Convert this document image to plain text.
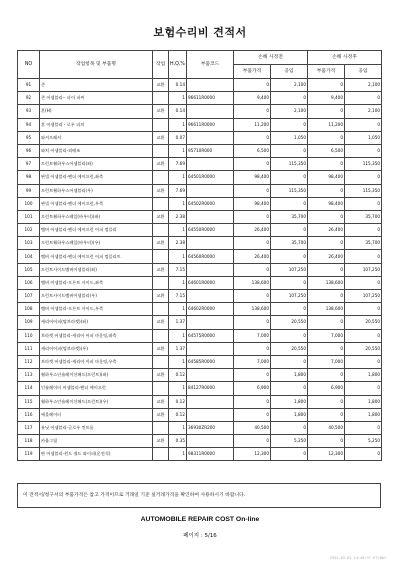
보험수리비 견적서
NO	작업항목 및 부품명	작업	H,Q,%	부품코드	손해 사정전		손해 사정후	
					부품가격	공임	부품가격	공임
91	존	교환	0.14		0	2,100	0	2,100
92	존 어셈블리-- 파이 퍼씨		1	96611R0000	9,400	0	9,400	0
93	혼(H)	교환	0.14		0	2,100	0	2,100
94	혼 어셈블리 - 로우 피치		1	96611R0000	11,200	0	11,200	0
95	와셔프레셔	교환	0.07		0	1,050	0	1,050
96	와처 어셈블리-외배조		1	95710R000	6,500	0	6,500	0
97	프런트휠하우스어셈블리(좌)	교환	7.69		0	115,350	0	115,350
98	판넬 어셈블리-펜더 에이프런,좌측		1	64501R0000	98,400	0	98,400	0
99	프런트휠하우스어셈블리(우)	교환	7.69		0	115,350	0	115,350
100	판넬 어셈블리-펜더 에이프런,우측		1	64502R0000	98,400	0	98,400	0
101	프런트휠하우스레일(바우터)(좌)	교환	2.38		0	35,700	0	35,700
102	멤버 어셈블리-펜더 에이프런 어퍼 컴플리		1	64550R0000	26,400	0	26,400	0
103	프런트휠하우스레일(바우터)(우)	교환	2.38		0	35,700	0	35,700
104	멤버 어셈블리-펜더 에이프런 어퍼 컴플리트		1	64560R0000	26,400	0	26,400	0
105	프런트사이드멤버어셈블리(좌)	교환	7.15		0	107,250	0	107,250
106	멤버 어셈블리-프론트 사이드,좌측		1	64601R0000	138,600	0	138,600	0
107	프런트사이드멤버어셈블리(우)	교환	7.15		0	107,250	0	107,250
108	멤버 어셈블리-프론트 사이드,우측		1	64602R0000	138,600	0	138,600	0
109	캐리어어퍼(탑브라켓)(좌)	교환	1.37		0	20,550	0	20,550
110	브라켓 어셈블리-캐리어 어퍼 마운팅,좌측		1	64575R0000	7,000	0	7,000	0
111	캐리어어퍼(탑브라켓)(우)	교환	1.37		0	20,550	0	20,550
112	브라켓 어셈블리-캐리어 어퍼 마운팅,우측		1	64585R0000	7,000	0	7,000	0
113	휠하우스인슐레이션패드(프런트)(좌)	교환	0.12		0	1,800	0	1,800
114	인슐레이터 어셈블리-펜더 에이프런		1	84127R0000	6,900	0	6,900	0
115	휠하우스인슐레이션패드(프런트)(우)	교환	0.12		0	1,800	0	1,800
116	에물레이터	교환	0.12		0	1,800	0	1,800
117	유닛 어셈블리-글로우 컨트롤		1	36930ZR200	40,500	0	40,500	0
118	카울그릴	교환	0.35		0	5,250	0	5,250
119	판 어셈블리-윈드 쉴드 와이퍼(운전석)		1	98311R0000	12,300	0	12,300	0
이 견적서/청구서의 부품가격은 참고 가격이므로 거래일 기준 실거래가격을 확인하여 사용하시기 바랍니다.
AUTOMOBILE REPAIR COST On-line
페이지 : 5/16
1934-03-02 14:40:37 KT/001
